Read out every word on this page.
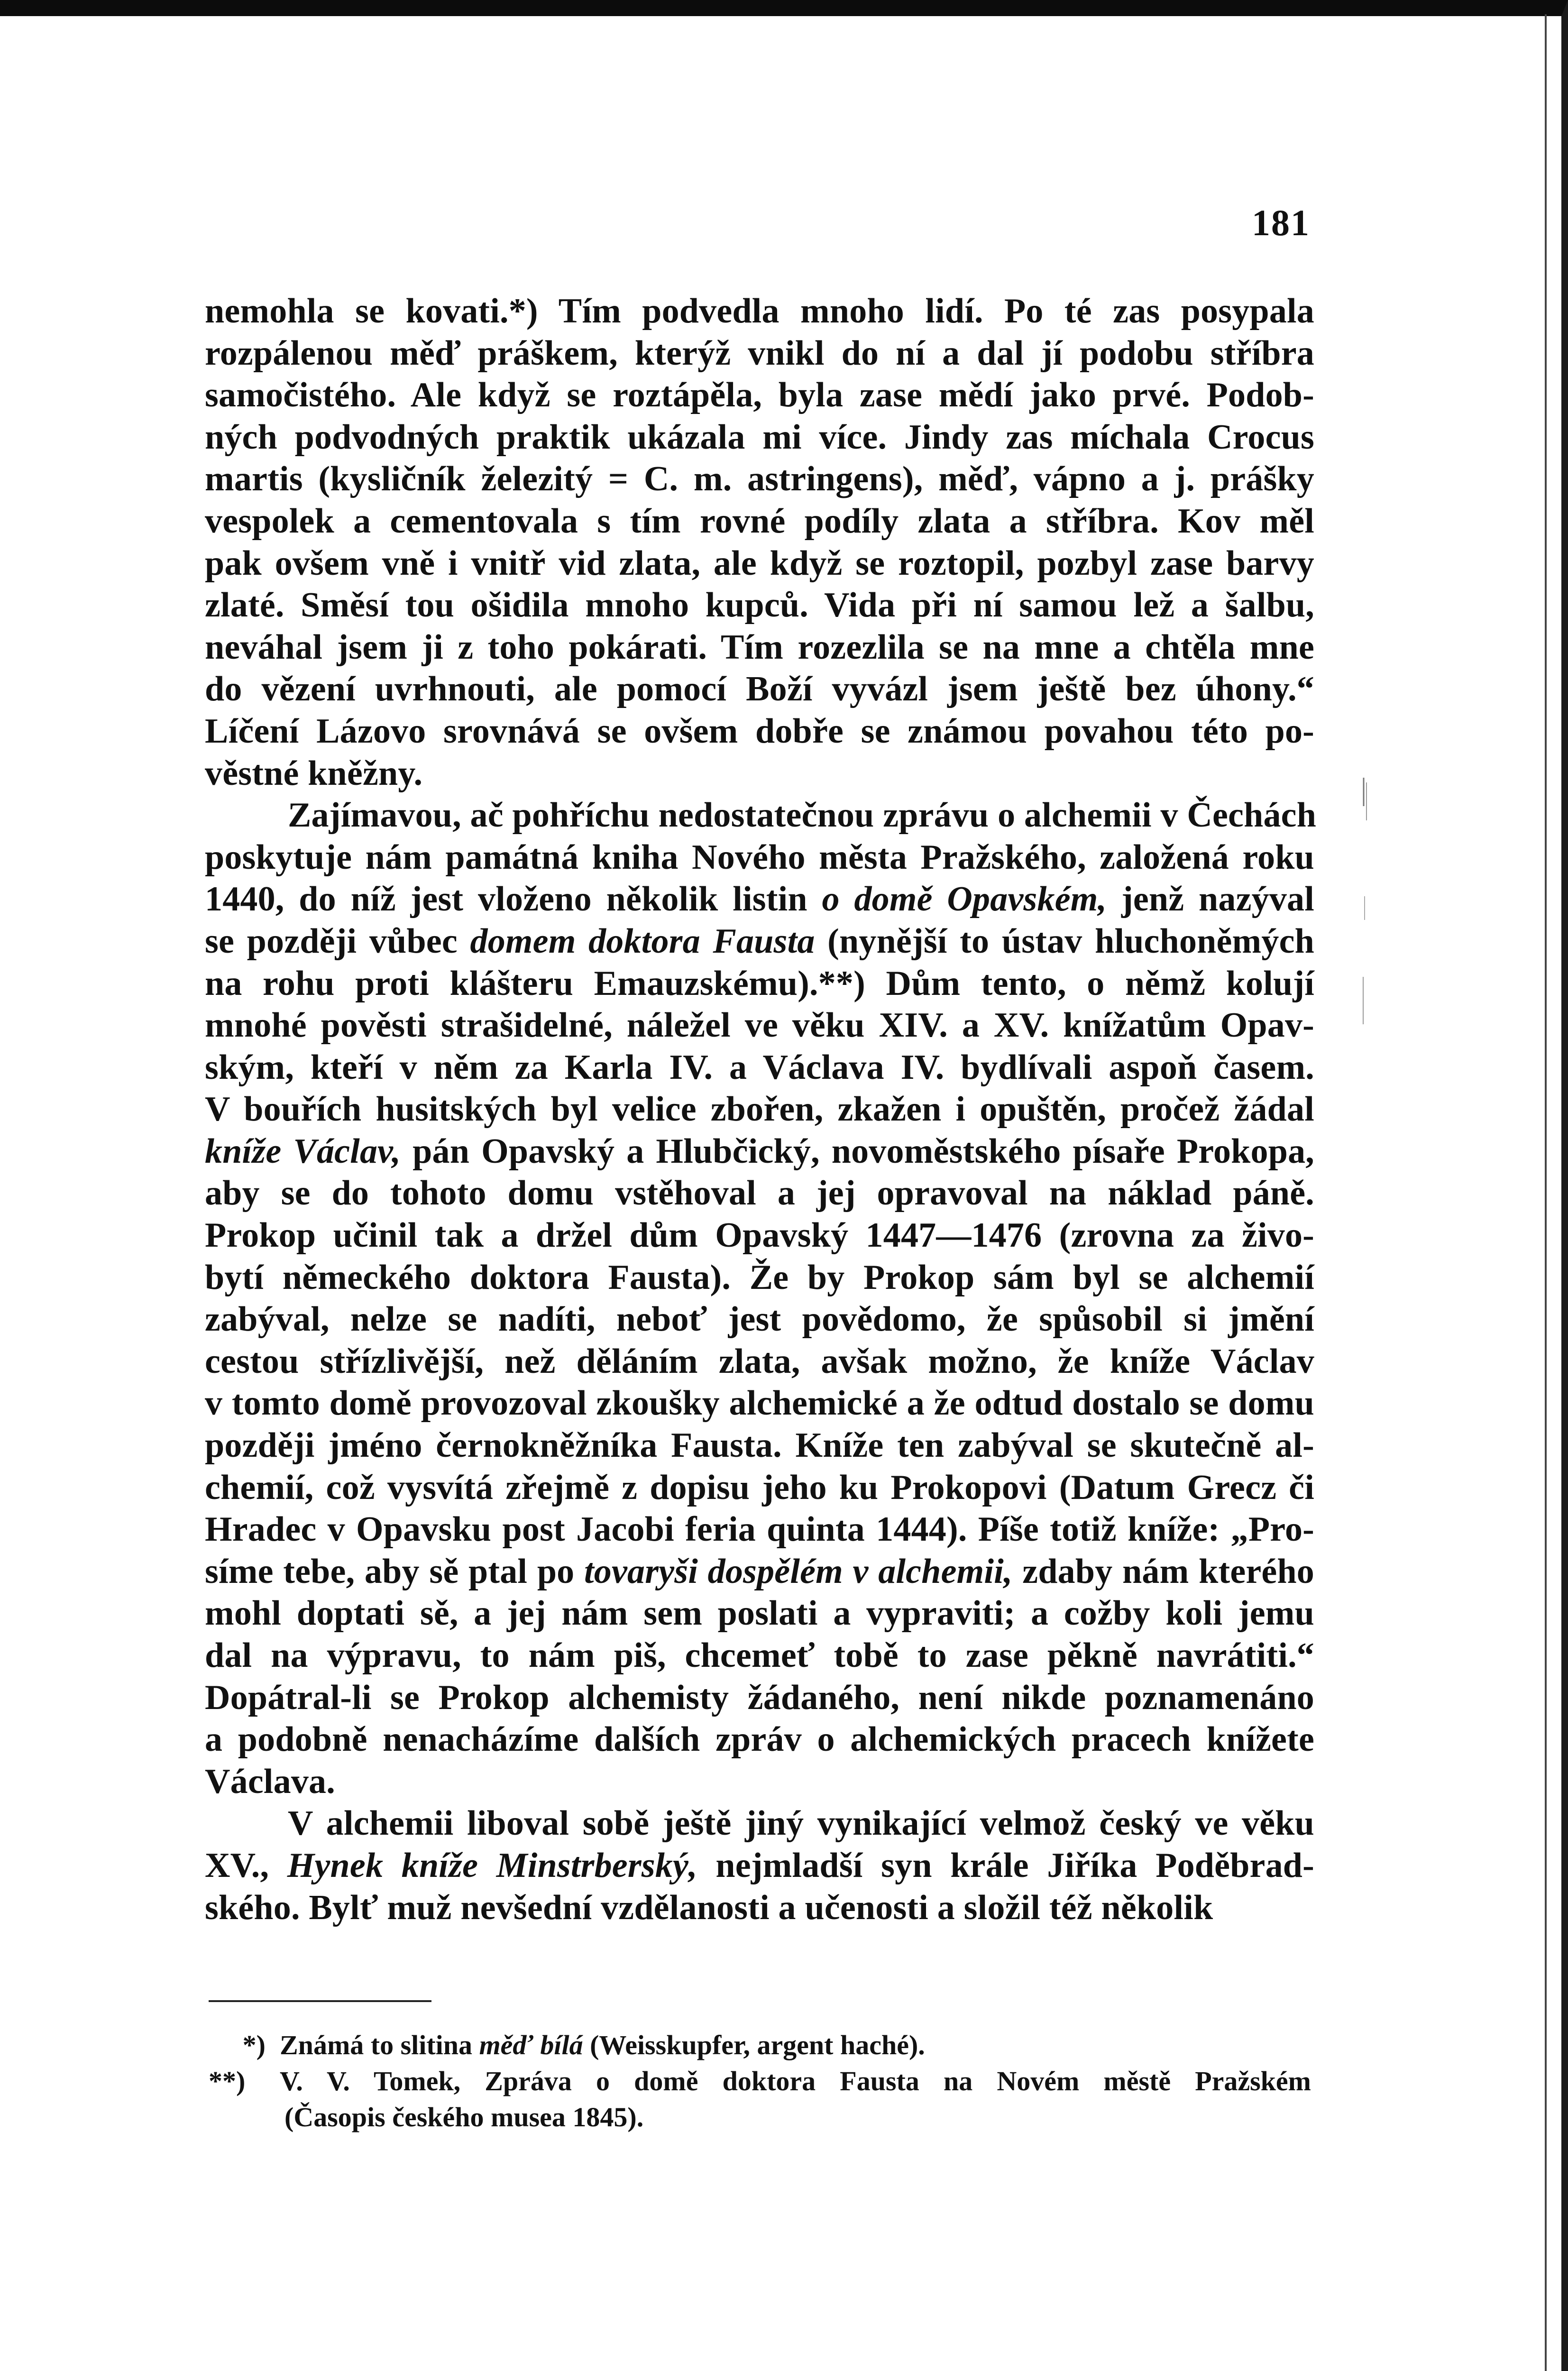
181
nemohla se kovati.*) Tím podvedla mnoho lidí. Po té zas posypala
rozpálenou měď práškem, kterýž vnikl do ní a dal jí podobu stříbra
samočistého. Ale když se roztápěla, byla zase mědí jako prvé. Podob-
ných podvodných praktik ukázala mi více. Jindy zas míchala Crocus
martis (kysličník železitý = C. m. astringens), měď, vápno a j. prášky
vespolek a cementovala s tím rovné podíly zlata a stříbra. Kov měl
pak ovšem vně i vnitř vid zlata, ale když se roztopil, pozbyl zase barvy
zlaté. Směsí tou ošidila mnoho kupců. Vida při ní samou lež a šalbu,
neváhal jsem ji z toho pokárati. Tím rozezlila se na mne a chtěla mne
do vězení uvrhnouti, ale pomocí Boží vyvázl jsem ještě bez úhony.“
Líčení Lázovo srovnává se ovšem dobře se známou povahou této po-
věstné kněžny.
Zajímavou, ač pohříchu nedostatečnou zprávu o alchemii v Čechách
poskytuje nám památná kniha Nového města Pražského, založená roku
1440, do níž jest vloženo několik listin o domě Opavském, jenž nazýval
se později vůbec domem doktora Fausta (nynější to ústav hluchoněmých
na rohu proti klášteru Emauzskému).**) Dům tento, o němž kolují
mnohé pověsti strašidelné, náležel ve věku XIV. a XV. knížatům Opav-
ským, kteří v něm za Karla IV. a Václava IV. bydlívali aspoň časem.
V bouřích husitských byl velice zbořen, zkažen i opuštěn, pročež žádal
kníže Václav, pán Opavský a Hlubčický, novoměstského písaře Prokopa,
aby se do tohoto domu vstěhoval a jej opravoval na náklad páně.
Prokop učinil tak a držel dům Opavský 1447—1476 (zrovna za živo-
bytí německého doktora Fausta). Že by Prokop sám byl se alchemií
zabýval, nelze se nadíti, neboť jest povědomo, že spůsobil si jmění
cestou střízlivější, než děláním zlata, avšak možno, že kníže Václav
v tomto domě provozoval zkoušky alchemické a že odtud dostalo se domu
později jméno černokněžníka Fausta. Kníže ten zabýval se skutečně al-
chemií, což vysvítá zřejmě z dopisu jeho ku Prokopovi (Datum Grecz či
Hradec v Opavsku post Jacobi feria quinta 1444). Píše totiž kníže: „Pro-
síme tebe, aby sě ptal po tovaryši dospělém v alchemii, zdaby nám kterého
mohl doptati sě, a jej nám sem poslati a vypraviti; a cožby koli jemu
dal na výpravu, to nám piš, chcemeť tobě to zase pěkně navrátiti.“
Dopátral-li se Prokop alchemisty žádaného, není nikde poznamenáno
a podobně nenacházíme dalších zpráv o alchemických pracech knížete
Václava.
V alchemii liboval sobě ještě jiný vynikající velmož český ve věku
XV., Hynek kníže Minstrberský, nejmladší syn krále Jiříka Poděbrad-
ského. Bylť muž nevšední vzdělanosti a učenosti a složil též několik
*) Známá to slitina měď bílá (Weisskupfer, argent haché).
**) V. V. Tomek, Zpráva o domě doktora Fausta na Novém městě Pražském
(Časopis českého musea 1845).
